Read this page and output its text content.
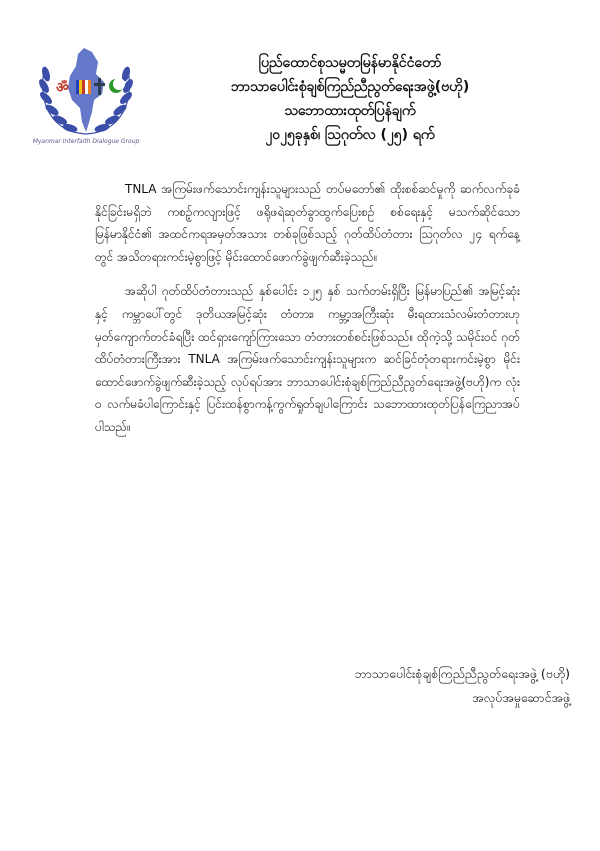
ॐ
Myanmar Interfaith Dialogue Group
ပြည်ထောင်စုသမ္မတမြန်မာနိုင်ငံတော်
ဘာသာပေါင်းစုံချစ်ကြည်ညီညွတ်ရေးအဖွဲ့(ဗဟို)
သဘောထားထုတ်ပြန်ချက်
၂၀၂၅ခုနှစ်၊ ဩဂုတ်လ (၂၅) ရက်

TNLA အကြမ်းဖက်သောင်းကျန်းသူများသည် တပ်မတော်၏ ထိုးစစ်ဆင်မှုကို ဆက်လက်ခုခံနိုင်ခြင်းမရှိဘဲ ကစဉ့်ကလျားဖြင့် ဖရိုဖရဲဆုတ်ခွာထွက်ပြေးစဉ် စစ်ရေးနှင့် မသက်ဆိုင်သော မြန်မာနိုင်ငံ၏ အထင်ကရအမှတ်အသား တစ်ခုဖြစ်သည့် ဂုတ်ထိပ်တံတား ဩဂုတ်လ ၂၄ ရက်နေ့တွင် အသိတရားကင်းမဲ့စွာဖြင့် မိုင်းထောင်ဖောက်ခွဲဖျက်ဆီးခဲ့သည်။

အဆိုပါ ဂုတ်ထိပ်တံတားသည် နှစ်ပေါင်း ၁၂၅ နှစ် သက်တမ်းရှိပြီး မြန်မာပြည်၏ အမြင့်ဆုံးနှင့် ကမ္ဘာပေါ်တွင် ဒုတိယအမြင့်ဆုံး တံတား၊ ကမ္ဘာ့အကြီးဆုံး မီးရထားသံလမ်းတံတားဟု မှတ်ကျောက်တင်ခံရပြီး ထင်ရှားကျော်ကြားသော တံတားတစ်စင်းဖြစ်သည်။ ထိုကဲ့သို့ သမိုင်းဝင် ဂုတ်ထိပ်တံတားကြီးအား TNLA အကြမ်းဖက်သောင်းကျန်းသူများက ဆင်ခြင်တုံတရားကင်းမဲ့စွာ မိုင်းထောင်ဖောက်ခွဲဖျက်ဆီးခဲ့သည့် လုပ်ရပ်အား ဘာသာပေါင်းစုံချစ်ကြည်ညီညွတ်ရေးအဖွဲ့(ဗဟို)က လုံးဝ လက်မခံပါကြောင်းနှင့် ပြင်းထန်စွာကန့်ကွက်ရှုတ်ချပါကြောင်း သဘောထားထုတ်ပြန်ကြေညာအပ်ပါသည်။

ဘာသာပေါင်းစုံချစ်ကြည်ညီညွတ်ရေးအဖွဲ့ (ဗဟို)
အလုပ်အမှုဆောင်အဖွဲ့
